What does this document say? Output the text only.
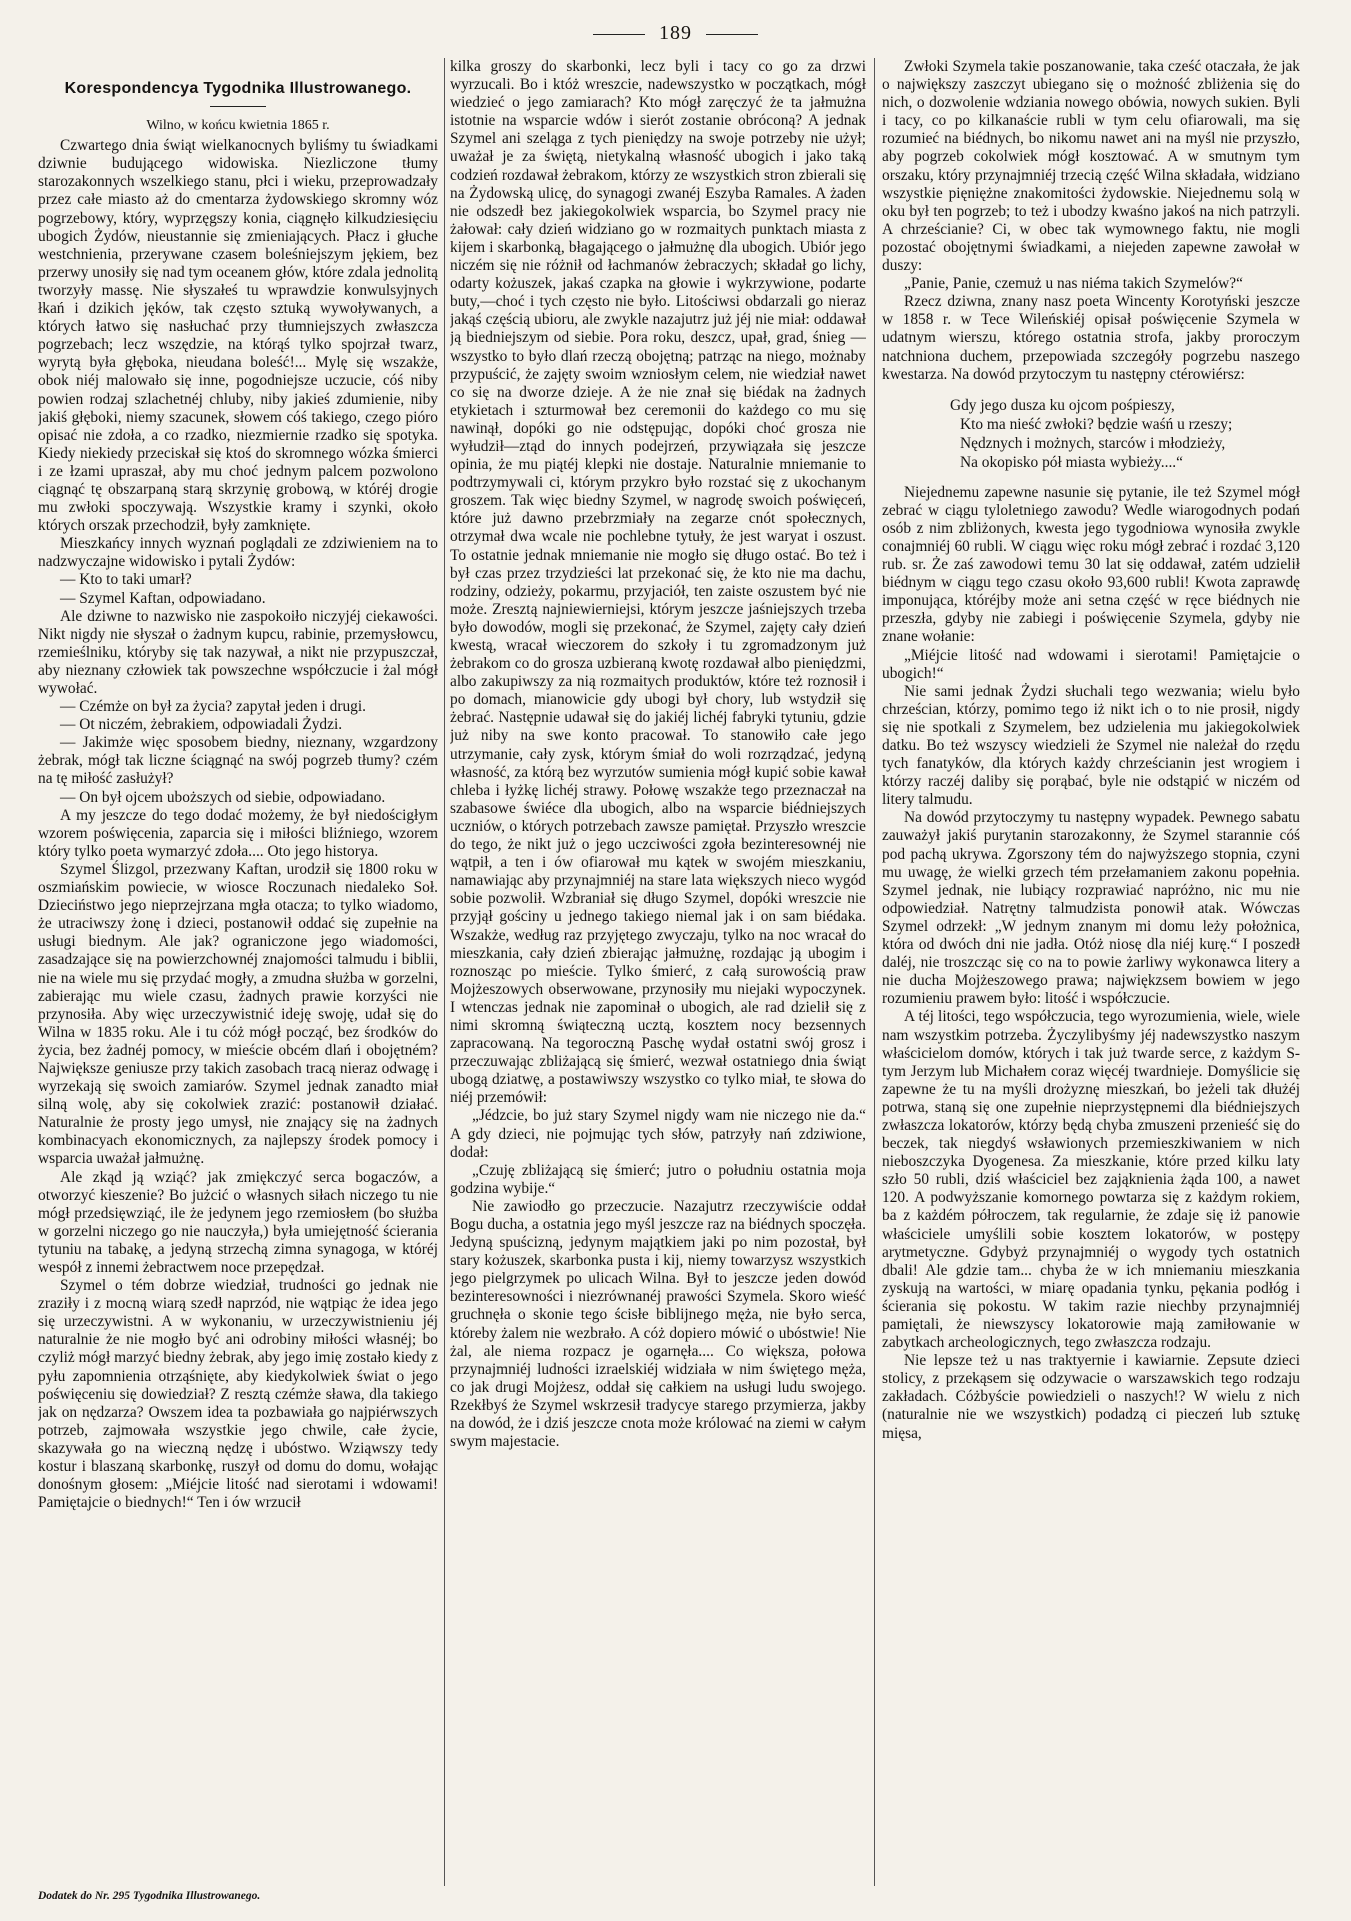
189
Korespondencya Tygodnika Illustrowanego.
Wilno, w końcu kwietnia 1865 r.

Czwartego dnia świąt wielkanocnych byliśmy tu świadkami dziwnie budującego widowiska. Niezliczone tłumy starozakonnych wszelkiego stanu, płci i wieku, przeprowadzały przez całe miasto aż do cmentarza żydowskiego skromny wóz pogrzebowy, który, wyprzęgszy konia, ciągnęło kilkudziesięciu ubogich Żydów, nieustannie się zmieniających. Płacz i głuche westchnienia, przerywane czasem boleśniejszym jękiem, bez przerwy unosiły się nad tym oceanem głów, które zdala jednolitą tworzyły massę. Nie słyszałeś tu wprawdzie konwulsyjnych łkań i dzikich jęków, tak często sztuką wywoływanych, a których łatwo się nasłuchać przy tłumniejszych zwłaszcza pogrzebach; lecz wszędzie, na którąś tylko spojrzał twarz, wyrytą była głęboka, nieudana boleść!... Mylę się wszakże, obok niéj malowało się inne, pogodniejsze uczucie, cóś niby powien rodzaj szlachetnéj chluby, niby jakieś zdumienie, niby jakiś głęboki, niemy szacunek, słowem cóś takiego, czego pióro opisać nie zdoła, a co rzadko, niezmiernie rzadko się spotyka. Kiedy niekiedy przeciskał się ktoś do skromnego wózka śmierci i ze łzami upraszał, aby mu choć jednym palcem pozwolono ciągnąć tę obszarpaną starą skrzynię grobową, w któréj drogie mu zwłoki spoczywają. Wszystkie kramy i szynki, około których orszak przechodził, były zamknięte.

Mieszkańcy innych wyznań poglądali ze zdziwieniem na to nadzwyczajne widowisko i pytali Żydów:

— Kto to taki umarł?

— Szymel Kaftan, odpowiadano.

Ale dziwne to nazwisko nie zaspokoiło niczyjéj ciekawości. Nikt nigdy nie słyszał o żadnym kupcu, rabinie, przemysłowcu, rzemieślniku, któryby się tak nazywał, a nikt nie przypuszczał, aby nieznany człowiek tak powszechne współczucie i żal mógł wywołać.

— Czémże on był za życia? zapytał jeden i drugi.

— Ot niczém, żebrakiem, odpowiadali Żydzi.

— Jakimże więc sposobem biedny, nieznany, wzgardzony żebrak, mógł tak liczne ściągnąć na swój pogrzeb tłumy? czém na tę miłość zasłużył?

— On był ojcem uboższych od siebie, odpowiadano.

A my jeszcze do tego dodać możemy, że był niedościgłym wzorem poświęcenia, zaparcia się i miłości bliźniego, wzorem który tylko poeta wymarzyć zdoła.... Oto jego historya.

Szymel Ślizgol, przezwany Kaftan, urodził się 1800 roku w oszmiańskim powiecie, w wiosce Roczunach niedaleko Soł. Dzieciństwo jego nieprzejrzana mgła otacza; to tylko wiadomo, że utraciwszy żonę i dzieci, postanowił oddać się zupełnie na usługi biednym. Ale jak? ograniczone jego wiadomości, zasadzające się na powierzchownéj znajomości talmudu i biblii, nie na wiele mu się przydać mogły, a zmudna służba w gorzelni, zabierając mu wiele czasu, żadnych prawie korzyści nie przynosiła. Aby więc urzeczywistnić ideję swoję, udał się do Wilna w 1835 roku. Ale i tu cóż mógł począć, bez środków do życia, bez żadnéj pomocy, w mieście obcém dlań i obojętném? Największe geniusze przy takich zasobach tracą nieraz odwagę i wyrzekają się swoich zamiarów. Szymel jednak zanadto miał silną wolę, aby się cokolwiek zrazić: postanowił działać. Naturalnie że prosty jego umysł, nie znający się na żadnych kombinacyach ekonomicznych, za najlepszy środek pomocy i wsparcia uważał jałmużnę.

Ale zkąd ją wziąć? jak zmiękczyć serca bogaczów, a otworzyć kieszenie? Bo jużcić o własnych siłach niczego tu nie mógł przedsięwziąć, ile że jedynem jego rzemiosłem (bo służba w gorzelni niczego go nie nauczyła,) była umiejętność ścierania tytuniu na tabakę, a jedyną strzechą zimna synagoga, w któréj wespół z innemi żebractwem noce przepędzał.

Szymel o tém dobrze wiedział, trudności go jednak nie zraziły i z mocną wiarą szedł naprzód, nie wątpiąc że idea jego się urzeczywistni. A w wykonaniu, w urzeczywistnieniu jéj naturalnie że nie mogło być ani odrobiny miłości własnéj; bo czyliż mógł marzyć biedny żebrak, aby jego imię zostało kiedy z pyłu zapomnienia otrząśnięte, aby kiedykolwiek świat o jego poświęceniu się dowiedział? Z resztą czémże sława, dla takiego jak on nędzarza? Owszem idea ta pozbawiała go najpiérwszych potrzeb, zajmowała wszystkie jego chwile, całe życie, skazywała go na wieczną nędzę i ubóstwo. Wziąwszy tedy kostur i blaszaną skarbonkę, ruszył od domu do domu, wołając donośnym głosem: „Miéjcie litość nad sierotami i wdowami! Pamiętajcie o biednych!“ Ten i ów wrzucił

kilka groszy do skarbonki, lecz byli i tacy co go za drzwi wyrzucali. Bo i któż wreszcie, nadewszystko w początkach, mógł wiedzieć o jego zamiarach? Kto mógł zaręczyć że ta jałmużna istotnie na wsparcie wdów i sierót zostanie obróconą? A jednak Szymel ani szeląga z tych pieniędzy na swoje potrzeby nie użył; uważał je za świętą, nietykalną własność ubogich i jako taką codzień rozdawał żebrakom, którzy ze wszystkich stron zbierali się na Żydowską ulicę, do synagogi zwanéj Eszyba Ramales. A żaden nie odszedł bez jakiegokolwiek wsparcia, bo Szymel pracy nie żałował: cały dzień widziano go w rozmaitych punktach miasta z kijem i skarbonką, błagającego o jałmużnę dla ubogich. Ubiór jego niczém się nie różnił od łachmanów żebraczych; składał go lichy, odarty kożuszek, jakaś czapka na głowie i wykrzywione, podarte buty,—choć i tych często nie było. Litościwsi obdarzali go nieraz jakąś częścią ubioru, ale zwykle nazajutrz już jéj nie miał: oddawał ją biedniejszym od siebie. Pora roku, deszcz, upał, grad, śnieg — wszystko to było dlań rzeczą obojętną; patrząc na niego, możnaby przypuścić, że zajęty swoim wzniosłym celem, nie wiedział nawet co się na dworze dzieje. A że nie znał się biédak na żadnych etykietach i szturmował bez ceremonii do każdego co mu się nawinął, dopóki go nie odstępując, dopóki choć grosza nie wyłudził—ztąd do innych podejrzeń, przywiązała się jeszcze opinia, że mu piątéj klepki nie dostaje. Naturalnie mniemanie to podtrzymywali ci, którym przykro było rozstać się z ukochanym groszem. Tak więc biedny Szymel, w nagrodę swoich poświęceń, które już dawno przebrzmiały na zegarze cnót społecznych, otrzymał dwa wcale nie pochlebne tytuły, że jest waryat i oszust. To ostatnie jednak mniemanie nie mogło się długo ostać. Bo też i był czas przez trzydzieści lat przekonać się, że kto nie ma dachu, rodziny, odzieży, pokarmu, przyjaciół, ten zaiste oszustem być nie może. Zresztą najniewierniejsi, którym jeszcze jaśniejszych trzeba było dowodów, mogli się przekonać, że Szymel, zajęty cały dzień kwestą, wracał wieczorem do szkoły i tu zgromadzonym już żebrakom co do grosza uzbieraną kwotę rozdawał albo pieniędzmi, albo zakupiwszy za nią rozmaitych produktów, które też roznosił i po domach, mianowicie gdy ubogi był chory, lub wstydził się żebrać. Następnie udawał się do jakiéj lichéj fabryki tytuniu, gdzie już niby na swe konto pracował. To stanowiło całe jego utrzymanie, cały zysk, którym śmiał do woli rozrządzać, jedyną własność, za którą bez wyrzutów sumienia mógł kupić sobie kawał chleba i łyżkę lichéj strawy. Połowę wszakże tego przeznaczał na szabasowe świéce dla ubogich, albo na wsparcie biédniejszych uczniów, o których potrzebach zawsze pamiętał. Przyszło wreszcie do tego, że nikt już o jego uczciwości zgoła bezinteresownéj nie wątpił, a ten i ów ofiarował mu kątek w swojém mieszkaniu, namawiając aby przynajmniéj na stare lata większych nieco wygód sobie pozwolił. Wzbraniał się długo Szymel, dopóki wreszcie nie przyjął gościny u jednego takiego niemal jak i on sam biédaka. Wszakże, według raz przyjętego zwyczaju, tylko na noc wracał do mieszkania, cały dzień zbierając jałmużnę, rozdając ją ubogim i roznosząc po mieście. Tylko śmierć, z całą surowością praw Mojżeszowych obserwowane, przynosiły mu niejaki wypoczynek. I wtenczas jednak nie zapominał o ubogich, ale rad dzielił się z nimi skromną świąteczną ucztą, kosztem nocy bezsennych zapracowaną. Na tegoroczną Paschę wydał ostatni swój grosz i przeczuwając zbliżającą się śmierć, wezwał ostatniego dnia świąt ubogą dziatwę, a postawiwszy wszystko co tylko miał, te słowa do niéj przemówił:

„Jédzcie, bo już stary Szymel nigdy wam nie niczego nie da.“ A gdy dzieci, nie pojmując tych słów, patrzyły nań zdziwione, dodał:

„Czuję zbliżającą się śmierć; jutro o południu ostatnia moja godzina wybije.“

Nie zawiodło go przeczucie. Nazajutrz rzeczywiście oddał Bogu ducha, a ostatnia jego myśl jeszcze raz na biédnych spoczęła. Jedyną spuścizną, jedynym majątkiem jaki po nim pozostał, był stary kożuszek, skarbonka pusta i kij, niemy towarzysz wszystkich jego pielgrzymek po ulicach Wilna. Był to jeszcze jeden dowód bezinteresowności i niezrównanéj prawości Szymela. Skoro wieść gruchnęła o skonie tego ścisłe biblijnego męża, nie było serca, któreby żalem nie wezbrało. A cóż dopiero mówić o ubóstwie! Nie żal, ale niema rozpacz je ogarnęła.... Co większa, połowa przynajmniéj ludności izraelskiéj widziała w nim świętego męża, co jak drugi Mojżesz, oddał się całkiem na usługi ludu swojego. Rzekłbyś że Szymel wskrzesił tradycye starego przymierza, jakby na dowód, że i dziś jeszcze cnota może królować na ziemi w całym swym majestacie.

Zwłoki Szymela takie poszanowanie, taka cześć otaczała, że jak o największy zaszczyt ubiegano się o możność zbliżenia się do nich, o dozwolenie wdziania nowego obówia, nowych sukien. Byli i tacy, co po kilkanaście rubli w tym celu ofiarowali, ma się rozumieć na biédnych, bo nikomu nawet ani na myśl nie przyszło, aby pogrzeb cokolwiek mógł kosztować. A w smutnym tym orszaku, który przynajmniéj trzecią część Wilna składała, widziano wszystkie pięniężne znakomitości żydowskie. Niejednemu solą w oku był ten pogrzeb; to też i ubodzy kwaśno jakoś na nich patrzyli. A chrześcianie? Ci, w obec tak wymownego faktu, nie mogli pozostać obojętnymi świadkami, a niejeden zapewne zawołał w duszy:

„Panie, Panie, czemuż u nas niéma takich Szymelów?“

Rzecz dziwna, znany nasz poeta Wincenty Korotyński jeszcze w 1858 r. w Tece Wileńskiéj opisał poświęcenie Szymela w udatnym wierszu, którego ostatnia strofa, jakby proroczym natchniona duchem, przepowiada szczegóły pogrzebu naszego kwestarza. Na dowód przytoczym tu następny ctérowiérsz:

Gdy jego dusza ku ojcom pośpieszy,
Kto ma nieść zwłoki? będzie waśń u rzeszy;
Nędznych i możnych, starców i młodzieży,
Na okopisko pół miasta wybieży....“

Niejednemu zapewne nasunie się pytanie, ile też Szymel mógł zebrać w ciągu tyloletniego zawodu? Wedle wiarogodnych podań osób z nim zbliżonych, kwesta jego tygodniowa wynosiła zwykle conajmniéj 60 rubli. W ciągu więc roku mógł zebrać i rozdać 3,120 rub. sr. Że zaś zawodowi temu 30 lat się oddawał, zatém udzielił biédnym w ciągu tego czasu około 93,600 rubli! Kwota zaprawdę imponująca, któréjby może ani setna część w ręce biédnych nie przeszła, gdyby nie zabiegi i poświęcenie Szymela, gdyby nie znane wołanie:

„Miéjcie litość nad wdowami i sierotami! Pamiętajcie o ubogich!“

Nie sami jednak Żydzi słuchali tego wezwania; wielu było chrześcian, którzy, pomimo tego iż nikt ich o to nie prosił, nigdy się nie spotkali z Szymelem, bez udzielenia mu jakiegokolwiek datku. Bo też wszyscy wiedzieli że Szymel nie należał do rzędu tych fanatyków, dla których każdy chrześcianin jest wrogiem i którzy raczéj daliby się porąbać, byle nie odstąpić w niczém od litery talmudu.

Na dowód przytoczymy tu następny wypadek. Pewnego sabatu zauważył jakiś purytanin starozakonny, że Szymel starannie cóś pod pachą ukrywa. Zgorszony tém do najwyższego stopnia, czyni mu uwagę, że wielki grzech tém przełamaniem zakonu popełnia. Szymel jednak, nie lubiący rozprawiać napróżno, nic mu nie odpowiedział. Natrętny talmudzista ponowił atak. Wówczas Szymel odrzekł: „W jednym znanym mi domu leży położnica, która od dwóch dni nie jadła. Otóż niosę dla niéj kurę.“ I poszedł daléj, nie troszcząc się co na to powie żarliwy wykonawca litery a nie ducha Mojżeszowego prawa; najwiękzsem bowiem w jego rozumieniu prawem było: litość i współczucie.

A téj litości, tego współczucia, tego wyrozumienia, wiele, wiele nam wszystkim potrzeba. Życzylibyśmy jéj nadewszystko naszym właścicielom domów, których i tak już twarde serce, z każdym S-tym Jerzym lub Michałem coraz więcéj twardnieje. Domyślicie się zapewne że tu na myśli drożyznę mieszkań, bo jeżeli tak dłużéj potrwa, staną się one zupełnie nieprzystępnemi dla biédniejszych zwłaszcza lokatorów, którzy będą chyba zmuszeni przenieść się do beczek, tak niegdyś wsławionych przemieszkiwaniem w nich nieboszczyka Dyogenesa. Za mieszkanie, które przed kilku laty szło 50 rubli, dziś właściciel bez zająknienia żąda 100, a nawet 120. A podwyższanie komornego powtarza się z każdym rokiem, ba z każdém półroczem, tak regularnie, że zdaje się iż panowie właściciele umyślili sobie kosztem lokatorów, w postępy arytmetyczne. Gdybyż przynajmniéj o wygody tych ostatnich dbali! Ale gdzie tam... chyba że w ich mniemaniu mieszkania zyskują na wartości, w miarę opadania tynku, pękania podłóg i ścierania się pokostu. W takim razie niechby przynajmniéj pamiętali, że niewszyscy lokatorowie mają zamiłowanie w zabytkach archeologicznych, tego zwłaszcza rodzaju.

Nie lepsze też u nas traktyernie i kawiarnie. Zepsute dzieci stolicy, z przekąsem się odzywacie o warszawskich tego rodzaju zakładach. Cóżbyście powiedzieli o naszych!? W wielu z nich (naturalnie nie we wszystkich) podadzą ci pieczeń lub sztukę mięsa,

Dodatek do Nr. 295 Tygodnika Illustrowanego.
